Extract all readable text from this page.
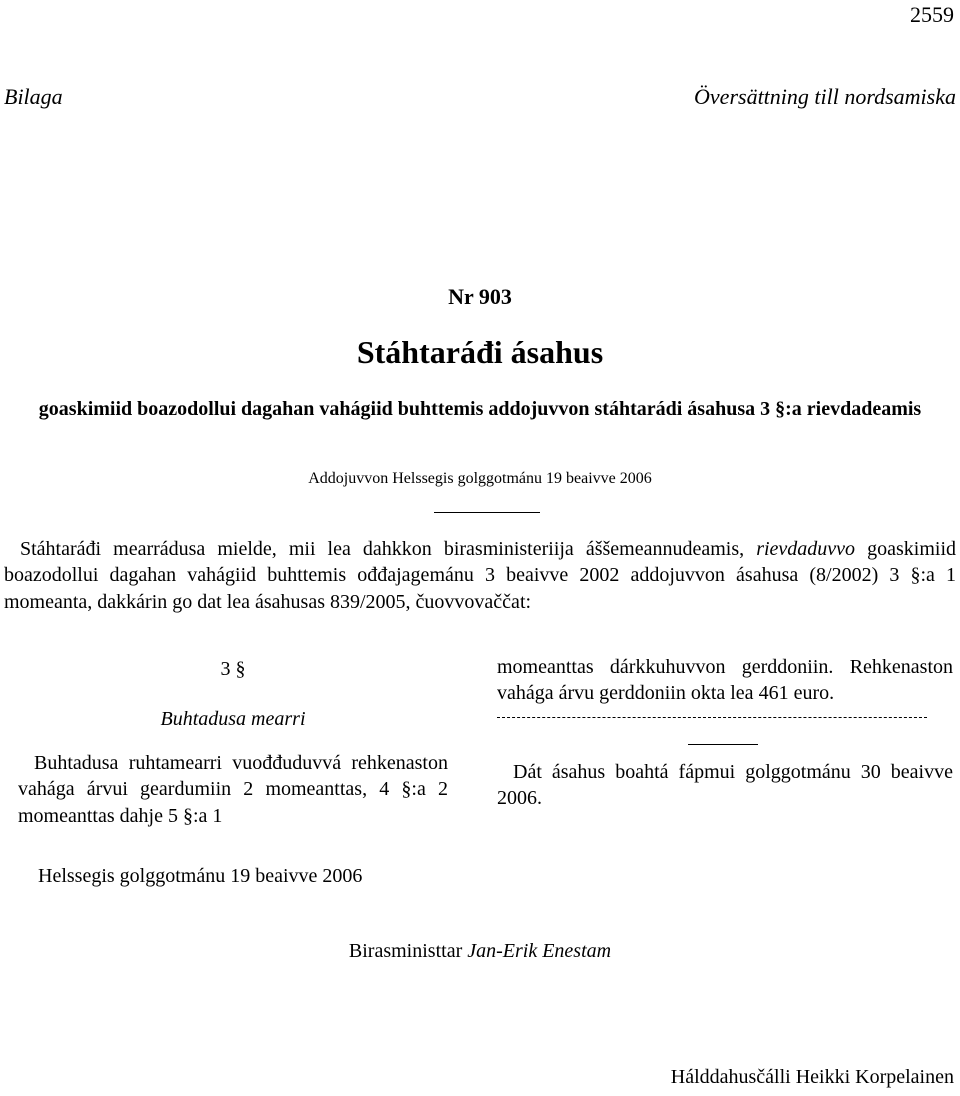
2559
Bilaga	Översättning till nordsamiska
Nr 903
Stáhtaráđi ásahus
goaskimiid boazodollui dagahan vahágiid buhttemis addojuvvon stáhtarádi ásahusa 3 §:a rievdadeamis
Addojuvvon Helssegis golggotmánu 19 beaivve 2006
Stáhtaráđi mearrádusa mielde, mii lea dahkkon birasministeriija áššemeannudeamis, rievdaduvvo goaskimiid boazodollui dagahan vahágiid buhttemis ođđajagemánu 3 beaivve 2002 addojuvvon ásahusa (8/2002) 3 §:a 1 momeanta, dakkárin go dat lea ásahusas 839/2005, čuovvovaččat:
3 §
Buhtadusa mearri
Buhtadusa ruhtamearri vuođđuduvvá rehkenaston vahága árvui geardumiin 2 momeanttas, 4 §:a 2 momeanttas dahje 5 §:a 1
momeanttas dárkkuhuvvon gerddoniin. Rehkenaston vahága árvu gerddoniin okta lea 461 euro.
Dát ásahus boahtá fápmui golggotmánu 30 beaivve 2006.
Helssegis golggotmánu 19 beaivve 2006
Birasministtar Jan-Erik Enestam
Hálddahusčálli Heikki Korpelainen
